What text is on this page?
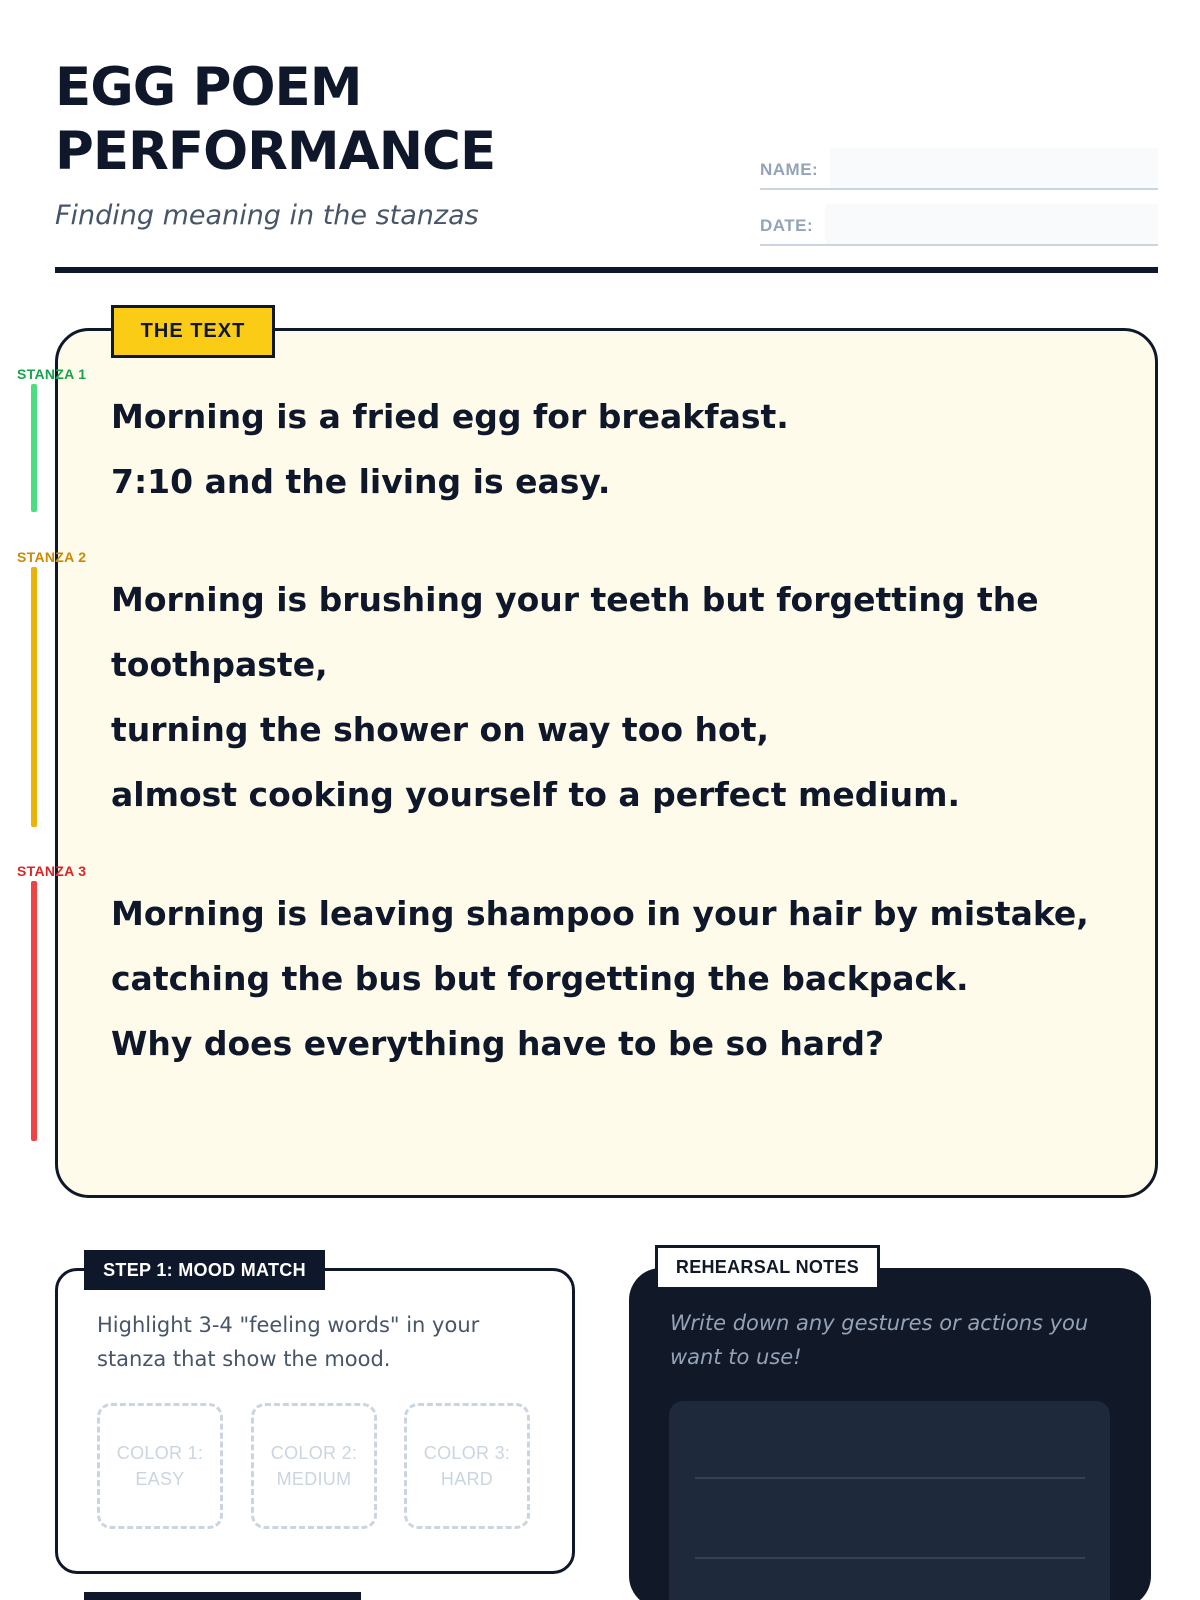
EGG POEM
PERFORMANCE
Finding meaning in the stanzas
NAME:
DATE:
THE TEXT
STANZA 1

Morning is a fried egg for breakfast.

7:10 and the living is easy.

STANZA 2

Morning is brushing your teeth but forgetting the toothpaste,

turning the shower on way too hot,

almost cooking yourself to a perfect medium.

STANZA 3

Morning is leaving shampoo in your hair by mistake,

catching the bus but forgetting the backpack.

Why does everything have to be so hard?

STEP 1: MOOD MATCH
Highlight 3-4 "feeling words" in your stanza that show the mood.
COLOR 1: EASY
COLOR 2: MEDIUM
COLOR 3: HARD
REHEARSAL NOTES
Write down any gestures or actions you want to use!
